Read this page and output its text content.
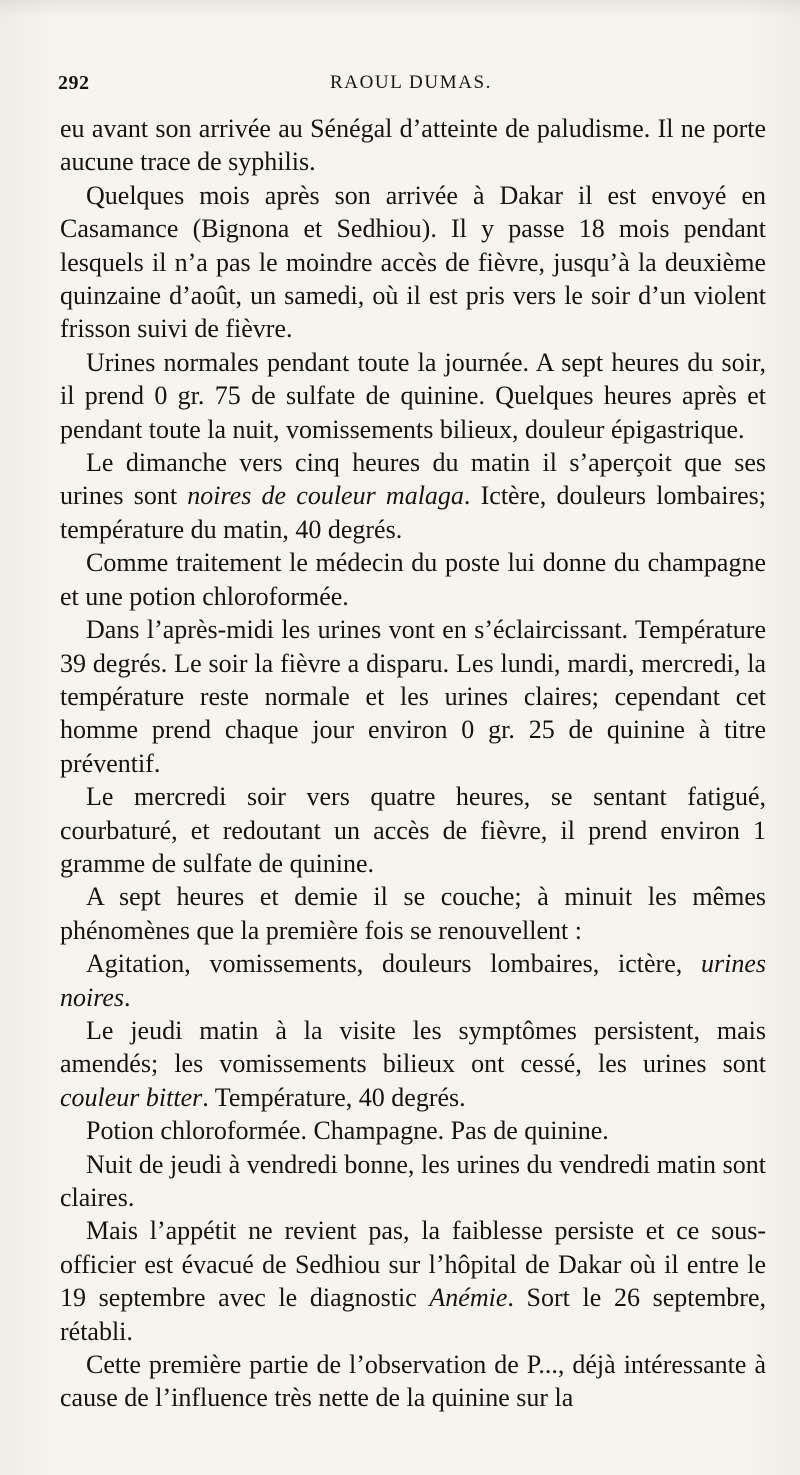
292	RAOUL DUMAS.

eu avant son arrivée au Sénégal d’atteinte de paludisme. Il ne porte aucune trace de syphilis.

Quelques mois après son arrivée à Dakar il est envoyé en Casamance (Bignona et Sedhiou). Il y passe 18 mois pendant lesquels il n’a pas le moindre accès de fièvre, jusqu’à la deuxième quinzaine d’août, un samedi, où il est pris vers le soir d’un violent frisson suivi de fièvre.

Urines normales pendant toute la journée. A sept heures du soir, il prend 0 gr. 75 de sulfate de quinine. Quelques heures après et pendant toute la nuit, vomissements bilieux, douleur épigastrique.

Le dimanche vers cinq heures du matin il s’aperçoit que ses urines sont noires de couleur malaga. Ictère, douleurs lombaires; température du matin, 40 degrés.

Comme traitement le médecin du poste lui donne du champagne et une potion chloroformée.

Dans l’après-midi les urines vont en s’éclaircissant. Température 39 degrés. Le soir la fièvre a disparu. Les lundi, mardi, mercredi, la température reste normale et les urines claires; cependant cet homme prend chaque jour environ 0 gr. 25 de quinine à titre préventif.

Le mercredi soir vers quatre heures, se sentant fatigué, courbaturé, et redoutant un accès de fièvre, il prend environ 1 gramme de sulfate de quinine.

A sept heures et demie il se couche; à minuit les mêmes phénomènes que la première fois se renouvellent :

Agitation, vomissements, douleurs lombaires, ictère, urines noires.

Le jeudi matin à la visite les symptômes persistent, mais amendés; les vomissements bilieux ont cessé, les urines sont couleur bitter. Température, 40 degrés.

Potion chloroformée. Champagne. Pas de quinine.

Nuit de jeudi à vendredi bonne, les urines du vendredi matin sont claires.

Mais l’appétit ne revient pas, la faiblesse persiste et ce sous-officier est évacué de Sedhiou sur l’hôpital de Dakar où il entre le 19 septembre avec le diagnostic Anémie. Sort le 26 septembre, rétabli.

Cette première partie de l’observation de P..., déjà intéressante à cause de l’influence très nette de la quinine sur la
